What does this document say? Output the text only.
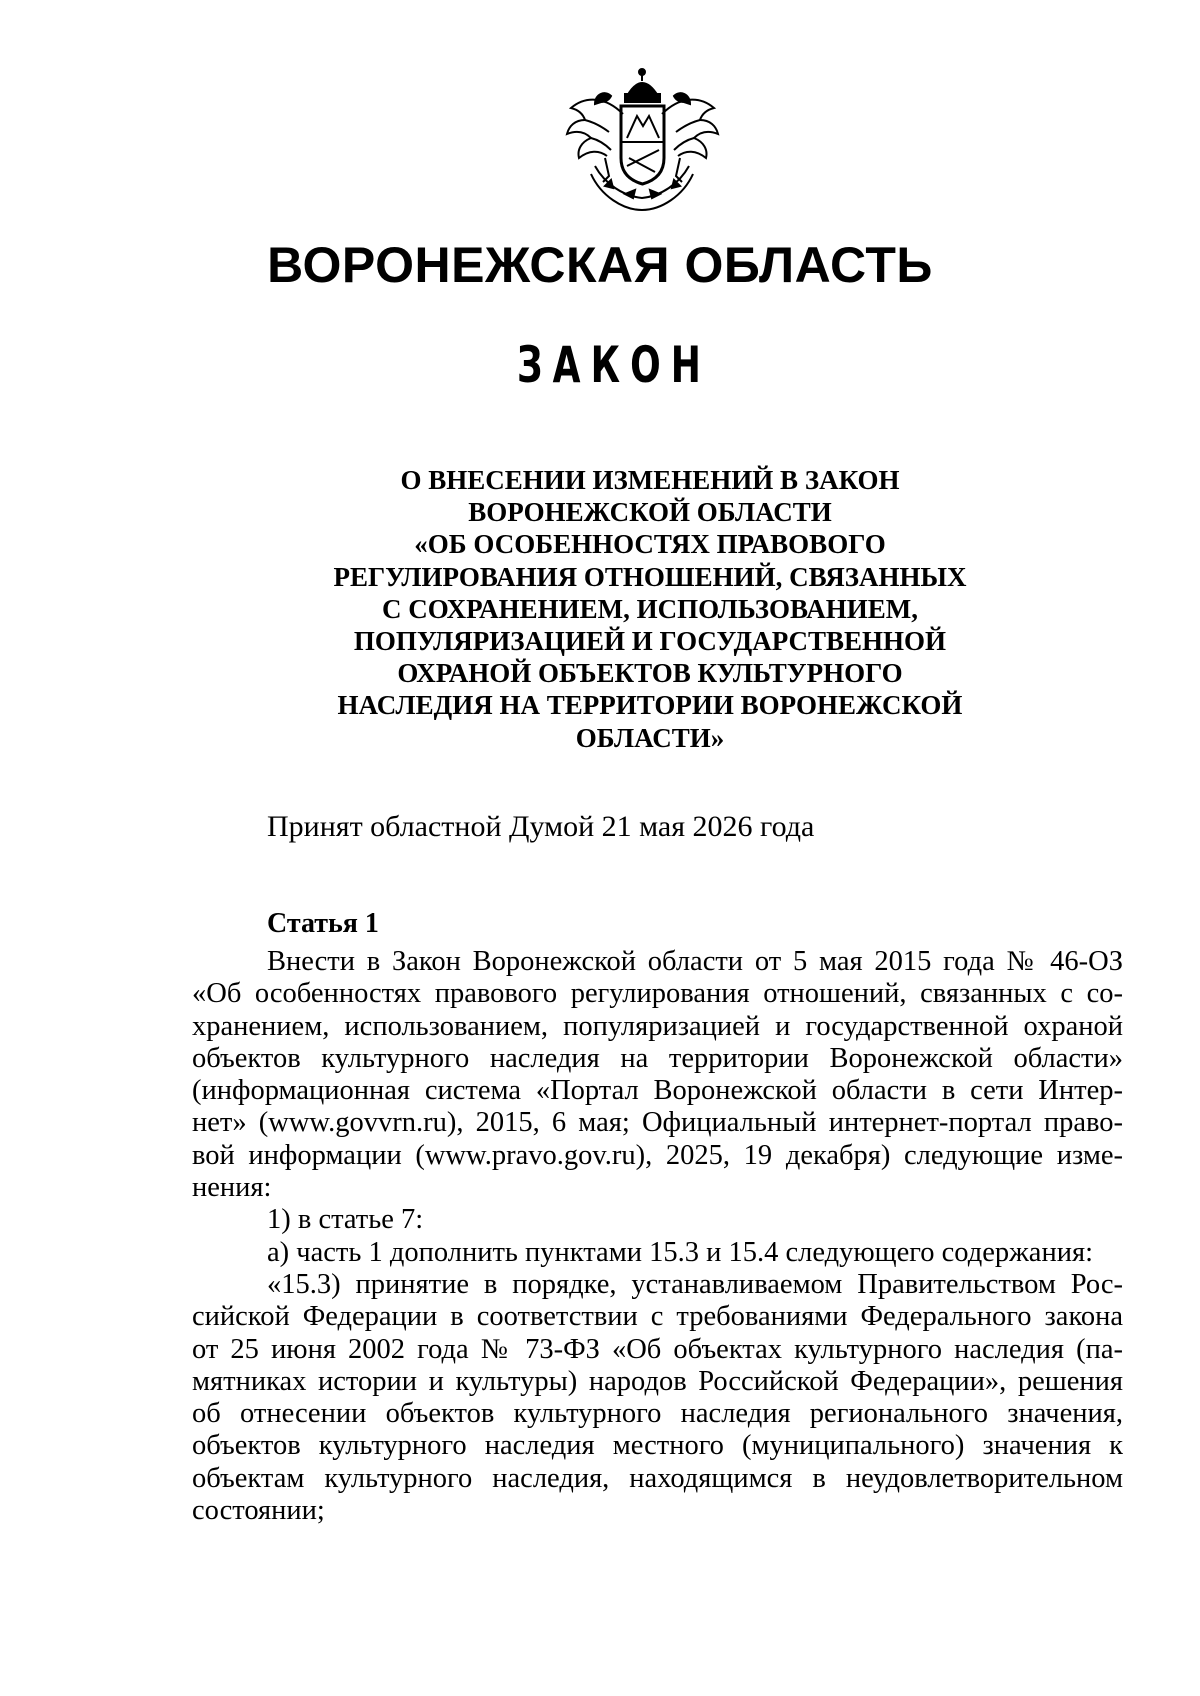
ВОРОНЕЖСКАЯ ОБЛАСТЬ
ЗАКОН
О ВНЕСЕНИИ ИЗМЕНЕНИЙ В ЗАКОН
ВОРОНЕЖСКОЙ ОБЛАСТИ
«ОБ ОСОБЕННОСТЯХ ПРАВОВОГО
РЕГУЛИРОВАНИЯ ОТНОШЕНИЙ, СВЯЗАННЫХ
С СОХРАНЕНИЕМ, ИСПОЛЬЗОВАНИЕМ,
ПОПУЛЯРИЗАЦИЕЙ И ГОСУДАРСТВЕННОЙ
ОХРАНОЙ ОБЪЕКТОВ КУЛЬТУРНОГО
НАСЛЕДИЯ НА ТЕРРИТОРИИ ВОРОНЕЖСКОЙ
ОБЛАСТИ»
Принят областной Думой 21 мая 2026 года
Статья 1
Внести в Закон Воронежской области от 5 мая 2015 года № 46-ОЗ
«Об особенностях правового регулирования отношений, связанных с со-
хранением, использованием, популяризацией и государственной охраной
объектов культурного наследия на территории Воронежской области»
(информационная система «Портал Воронежской области в сети Интер-
нет» (www.govvrn.ru), 2015, 6 мая; Официальный интернет-портал право-
вой информации (www.pravo.gov.ru), 2025, 19 декабря) следующие изме-
нения:
1) в статье 7:
а) часть 1 дополнить пунктами 15.3 и 15.4 следующего содержания:
«15.3) принятие в порядке, устанавливаемом Правительством Рос-
сийской Федерации в соответствии с требованиями Федерального закона
от 25 июня 2002 года № 73-ФЗ «Об объектах культурного наследия (па-
мятниках истории и культуры) народов Российской Федерации», решения
об отнесении объектов культурного наследия регионального значения,
объектов культурного наследия местного (муниципального) значения к
объектам культурного наследия, находящимся в неудовлетворительном
состоянии;
